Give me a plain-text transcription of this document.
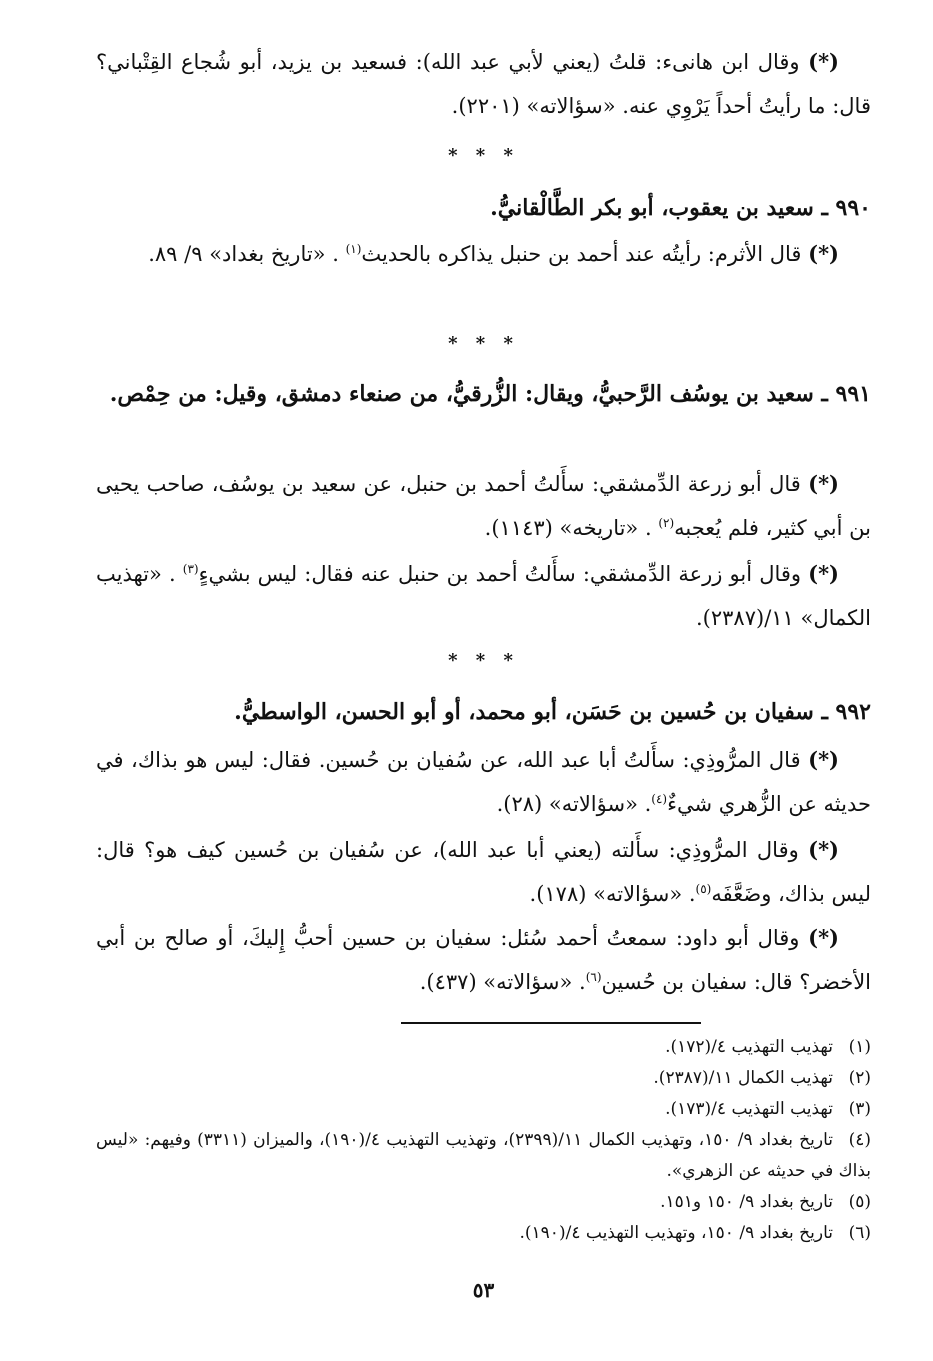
(*) وقال ابن هانىء: قلتُ (يعني لأبي عبد الله): فسعيد بن يزيد، أبو شُجاع القِتْباني؟ قال: ما رأيتُ أحداً يَرْوِي عنه. «سؤالاته» (٢٢٠١).
* * *
٩٩٠ ـ سعيد بن يعقوب، أبو بكر الطَّالْقانيُّ.
(*) قال الأثرم: رأيتُه عند أحمد بن حنبل يذاكره بالحديث$^{(١)}$ . «تاريخ بغداد» ٩/ ٨٩.
* * *
٩٩١ ـ سعيد بن يوسُف الرَّحبيُّ، ويقال: الزُّرقيُّ، من صنعاء دمشق، وقيل: من حِمْص.
(*) قال أبو زرعة الدِّمشقي: سأَلتُ أحمد بن حنبل، عن سعيد بن يوسُف، صاحب يحيى بن أبي كثير، فلم يُعجبه$^{(٢)}$ . «تاريخه» (١١٤٣).
(*) وقال أبو زرعة الدِّمشقي: سأَلتُ أحمد بن حنبل عنه فقال: ليس بشيءٍ$^{(٣)}$ . «تهذيب الكمال» ١١/(٢٣٨٧).
* * *
٩٩٢ ـ سفيان بن حُسين بن حَسَن، أبو محمد، أو أبو الحسن، الواسطيُّ.
(*) قال المرُّوذِي: سأَلتُ أبا عبد الله، عن سُفيان بن حُسين. فقال: ليس هو بذاك، في حديثه عن الزُّهري شيءٌ$^{(٤)}$. «سؤالاته» (٢٨).
(*) وقال المرُّوذِي: سأَلته (يعني أبا عبد الله)، عن سُفيان بن حُسين كيف هو؟ قال: ليس بذاك، وضَعَّفَه$^{(٥)}$. «سؤالاته» (١٧٨).
(*) وقال أبو داود: سمعتُ أحمد سُئل: سفيان بن حسين أحبُّ إِليكَ، أو صالح بن أبي الأخضر؟ قال: سفيان بن حُسين$^{(٦)}$. «سؤالاته» (٤٣٧).
(١)تهذيب التهذيب ٤/(١٧٢).
(٢)تهذيب الكمال ١١/(٢٣٨٧).
(٣)تهذيب التهذيب ٤/(١٧٣).
(٤)تاريخ بغداد ٩/ ١٥٠، وتهذيب الكمال ١١/(٢٣٩٩)، وتهذيب التهذيب ٤/(١٩٠)، والميزان (٣٣١١) وفيهم: «ليس بذاك في حديثه عن الزهري».
(٥)تاريخ بغداد ٩/ ١٥٠ و١٥١.
(٦)تاريخ بغداد ٩/ ١٥٠، وتهذيب التهذيب ٤/(١٩٠).
٥٣
